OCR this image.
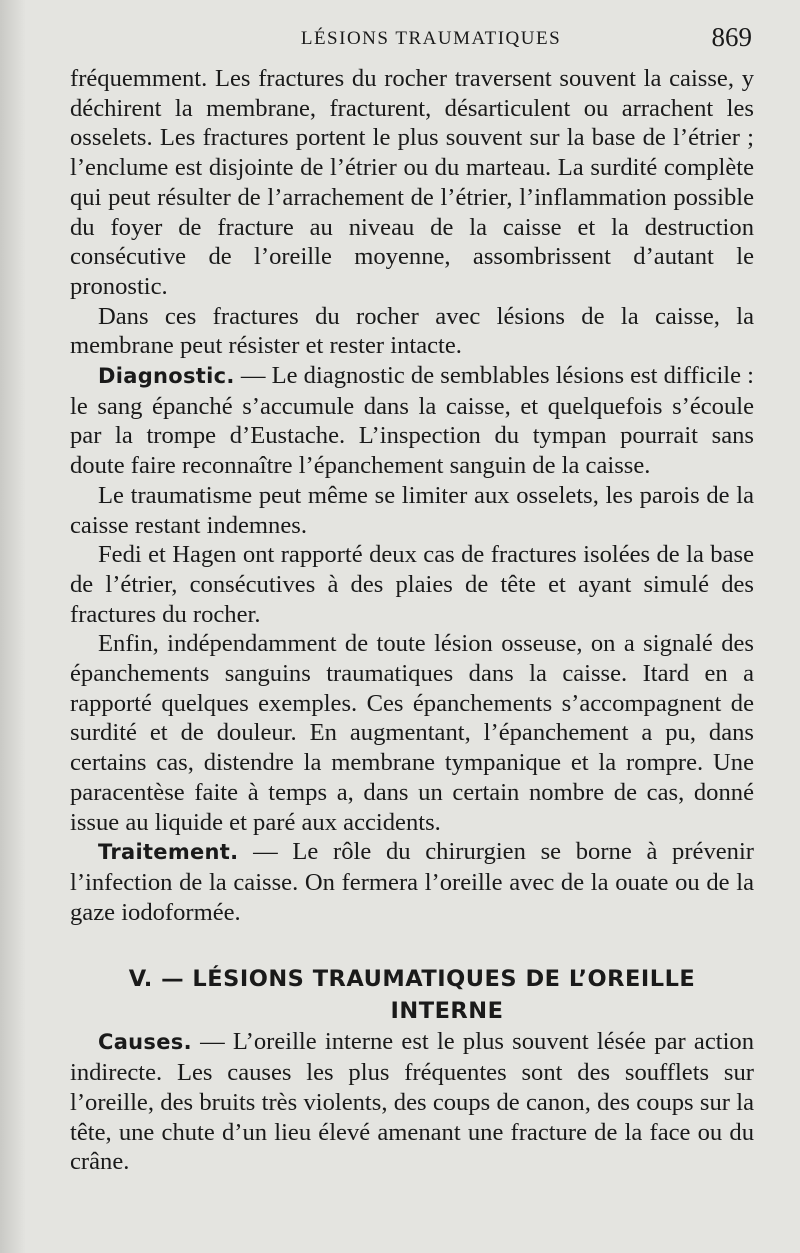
LÉSIONS TRAUMATIQUES	869

fréquemment. Les fractures du rocher traversent souvent la caisse, y déchirent la membrane, fracturent, désarticulent ou arrachent les osselets. Les fractures portent le plus souvent sur la base de l’étrier ; l’enclume est disjointe de l’étrier ou du marteau. La surdité complète qui peut résulter de l’arrachement de l’étrier, l’inflammation possible du foyer de fracture au niveau de la caisse et la destruction consécutive de l’oreille moyenne, assombrissent d’autant le pronostic.

Dans ces fractures du rocher avec lésions de la caisse, la membrane peut résister et rester intacte.

Diagnostic. — Le diagnostic de semblables lésions est difficile : le sang épanché s’accumule dans la caisse, et quelquefois s’écoule par la trompe d’Eustache. L’inspection du tympan pourrait sans doute faire reconnaître l’épanchement sanguin de la caisse.

Le traumatisme peut même se limiter aux osselets, les parois de la caisse restant indemnes.

Fedi et Hagen ont rapporté deux cas de fractures isolées de la base de l’étrier, consécutives à des plaies de tête et ayant simulé des fractures du rocher.

Enfin, indépendamment de toute lésion osseuse, on a signalé des épanchements sanguins traumatiques dans la caisse. Itard en a rapporté quelques exemples. Ces épanchements s’accompagnent de surdité et de douleur. En augmentant, l’épanchement a pu, dans certains cas, distendre la membrane tympanique et la rompre. Une paracentèse faite à temps a, dans un certain nombre de cas, donné issue au liquide et paré aux accidents.

Traitement. — Le rôle du chirurgien se borne à prévenir l’infection de la caisse. On fermera l’oreille avec de la ouate ou de la gaze iodoformée.

V. — LÉSIONS TRAUMATIQUES DE L’OREILLE
INTERNE

Causes. — L’oreille interne est le plus souvent lésée par action indirecte. Les causes les plus fréquentes sont des soufflets sur l’oreille, des bruits très violents, des coups de canon, des coups sur la tête, une chute d’un lieu élevé amenant une fracture de la face ou du crâne.
